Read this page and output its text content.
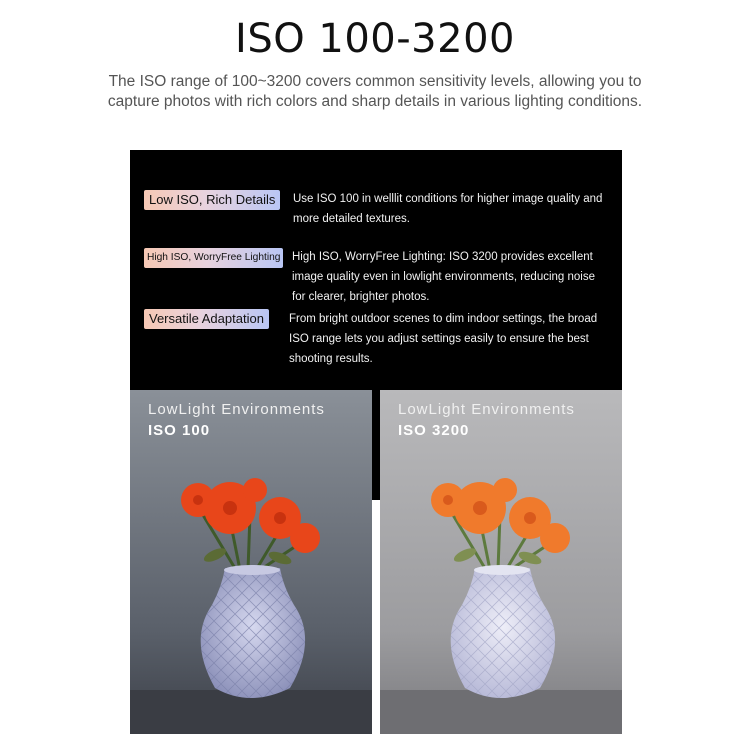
ISO 100-3200
The ISO range of 100~3200 covers common sensitivity levels, allowing you to capture photos with rich colors and sharp details in various lighting conditions.
Low ISO, Rich Details	Use ISO 100 in welllit conditions for higher image quality and more detailed textures.
High ISO, WorryFree Lighting High ISO, WorryFree Lighting: ISO 3200 provides excellent image quality even in lowlight environments, reducing noise for clearer, brighter photos.
Versatile Adaptation	From bright outdoor scenes to dim indoor settings, the broad ISO range lets you adjust settings easily to ensure the best shooting results.
LowLight Environments
ISO 100
LowLight Environments
ISO 3200
